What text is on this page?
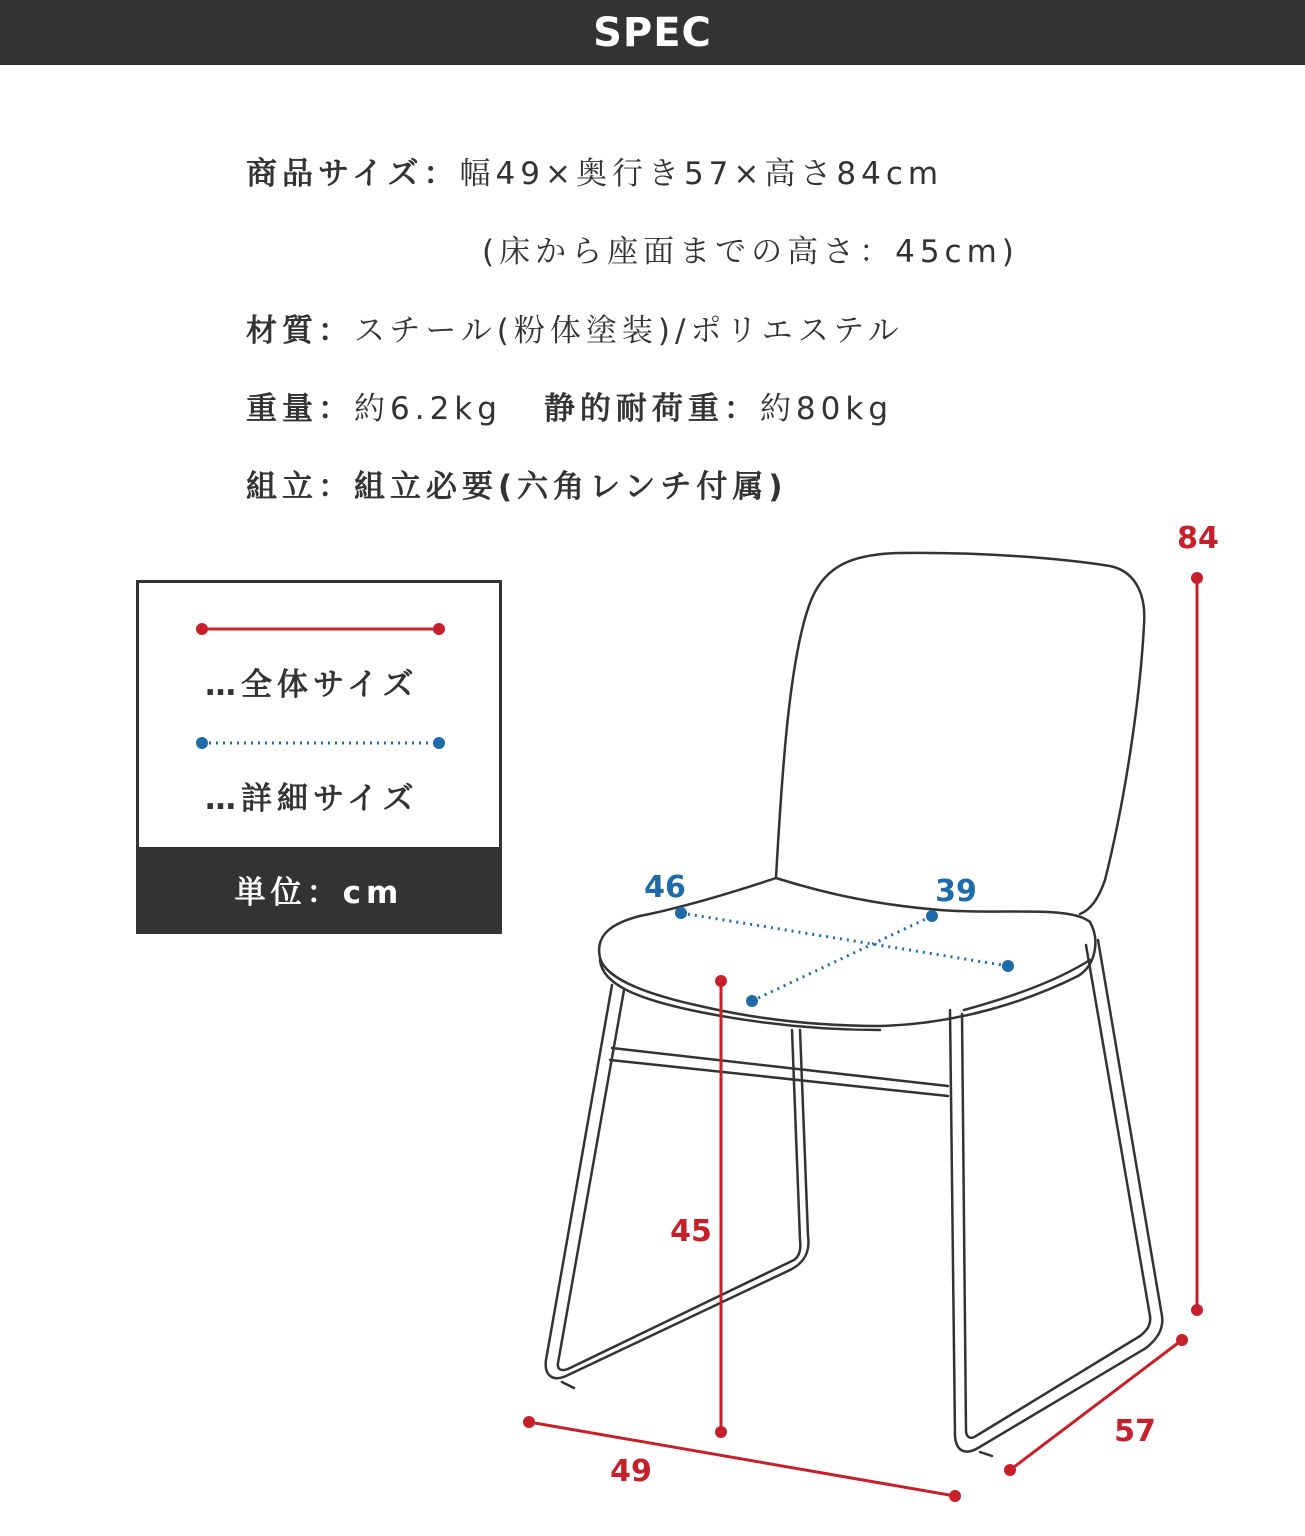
SPEC
商品サイズ：幅49×奥行き57×高さ84cm
(床から座面までの高さ：45cm)
材質：スチール(粉体塗装)/ポリエステル
重量：約6.2kg 静的耐荷重：約80kg
組立：組立必要(六角レンチ付属)
…全体サイズ
…詳細サイズ
単位：cm
84
45
49
57
46	39
